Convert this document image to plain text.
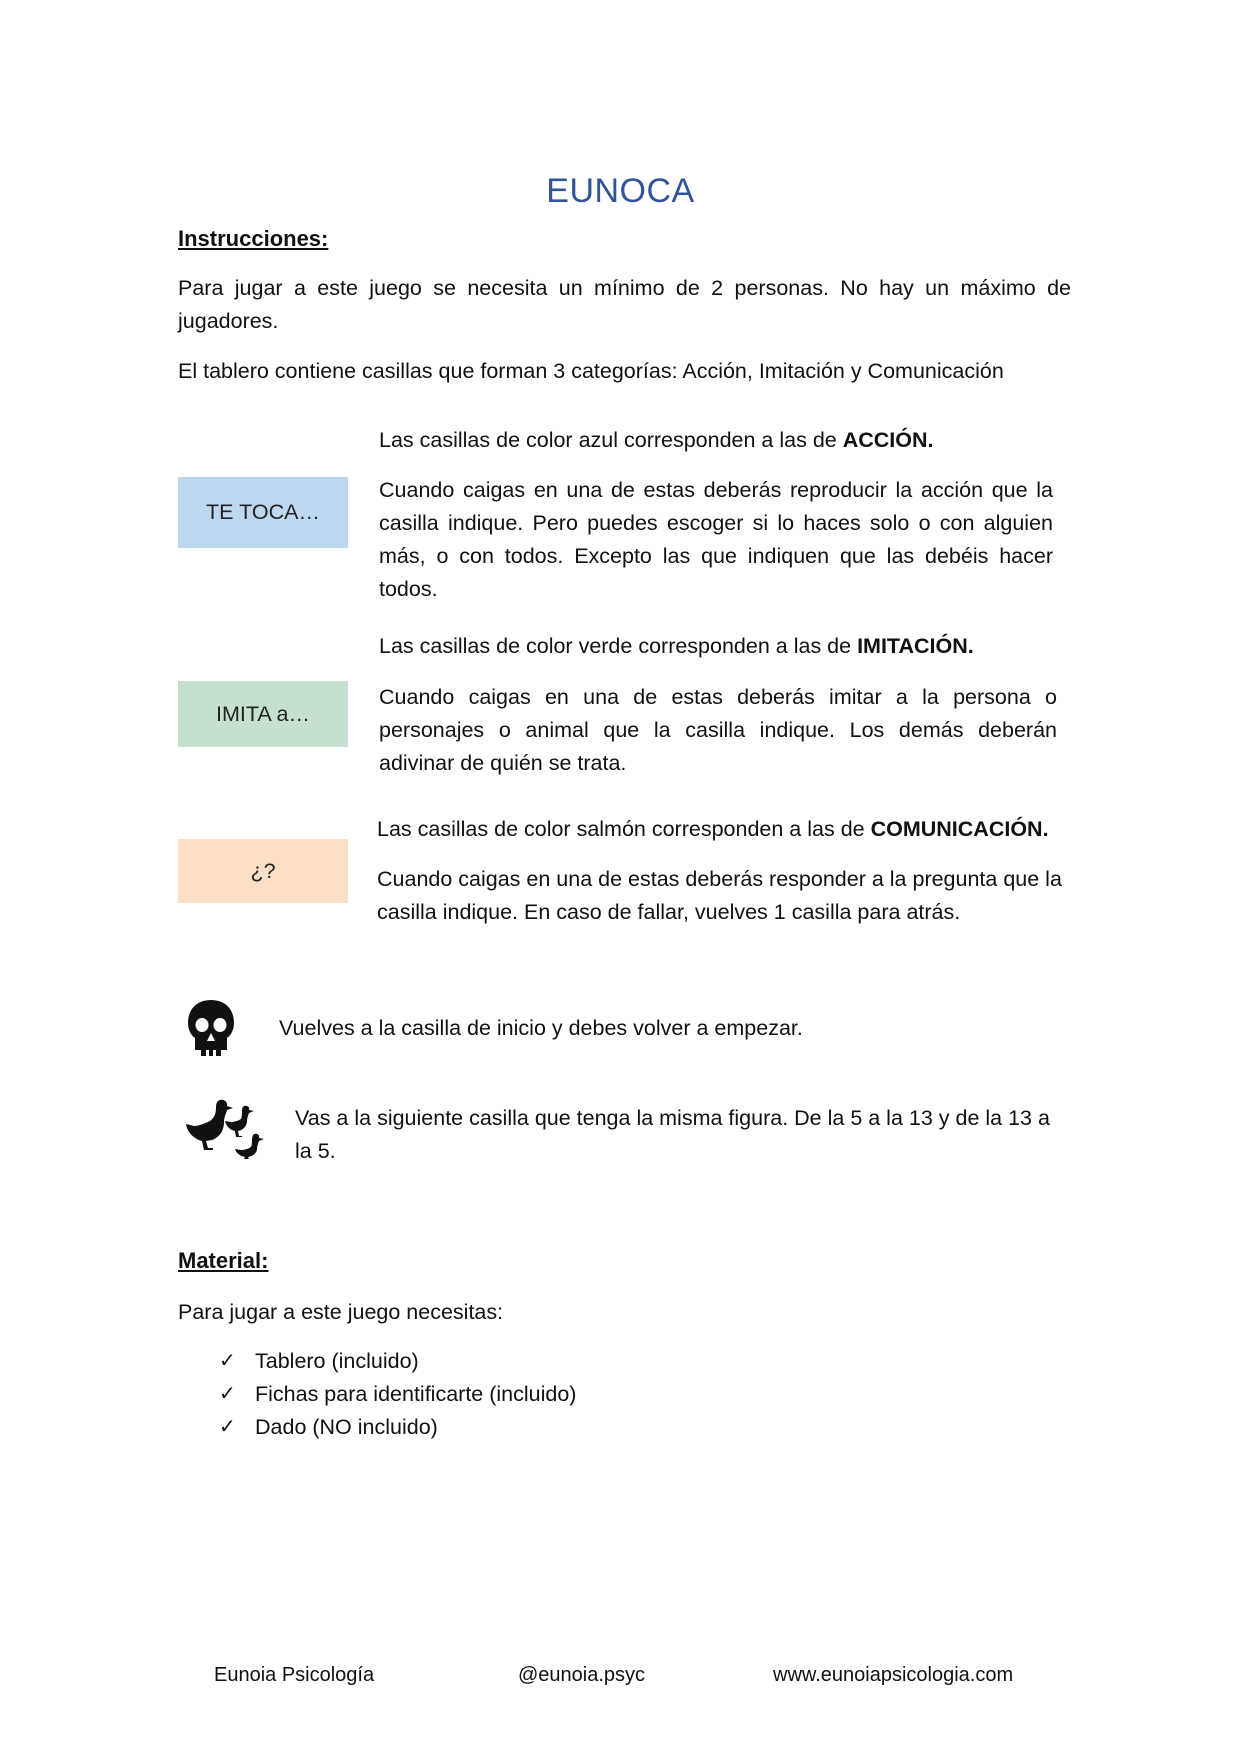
EUNOCA
Instrucciones:
Para jugar a este juego se necesita un mínimo de 2 personas. No hay un máximo de jugadores.
El tablero contiene casillas que forman 3 categorías: Acción, Imitación y Comunicación
Las casillas de color azul corresponden a las de ACCIÓN.
TE TOCA…
Cuando caigas en una de estas deberás reproducir la acción que la casilla indique. Pero puedes escoger si lo haces solo o con alguien más, o con todos. Excepto las que indiquen que las debéis hacer todos.
Las casillas de color verde corresponden a las de IMITACIÓN.
IMITA a…
Cuando caigas en una de estas deberás imitar a la persona o personajes o animal que la casilla indique. Los demás deberán adivinar de quién se trata.
Las casillas de color salmón corresponden a las de COMUNICACIÓN.
¿?	Cuando caigas en una de estas deberás responder a la pregunta que la casilla indique. En caso de fallar, vuelves 1 casilla para atrás.
Vuelves a la casilla de inicio y debes volver a empezar.
Vas a la siguiente casilla que tenga la misma figura. De la 5 a la 13 y de la 13 a la 5.
Material:
Para jugar a este juego necesitas:
✓ Tablero (incluido)
✓ Fichas para identificarte (incluido)
✓ Dado (NO incluido)
Eunoia Psicología	@eunoia.psyc	www.eunoiapsicologia.com
